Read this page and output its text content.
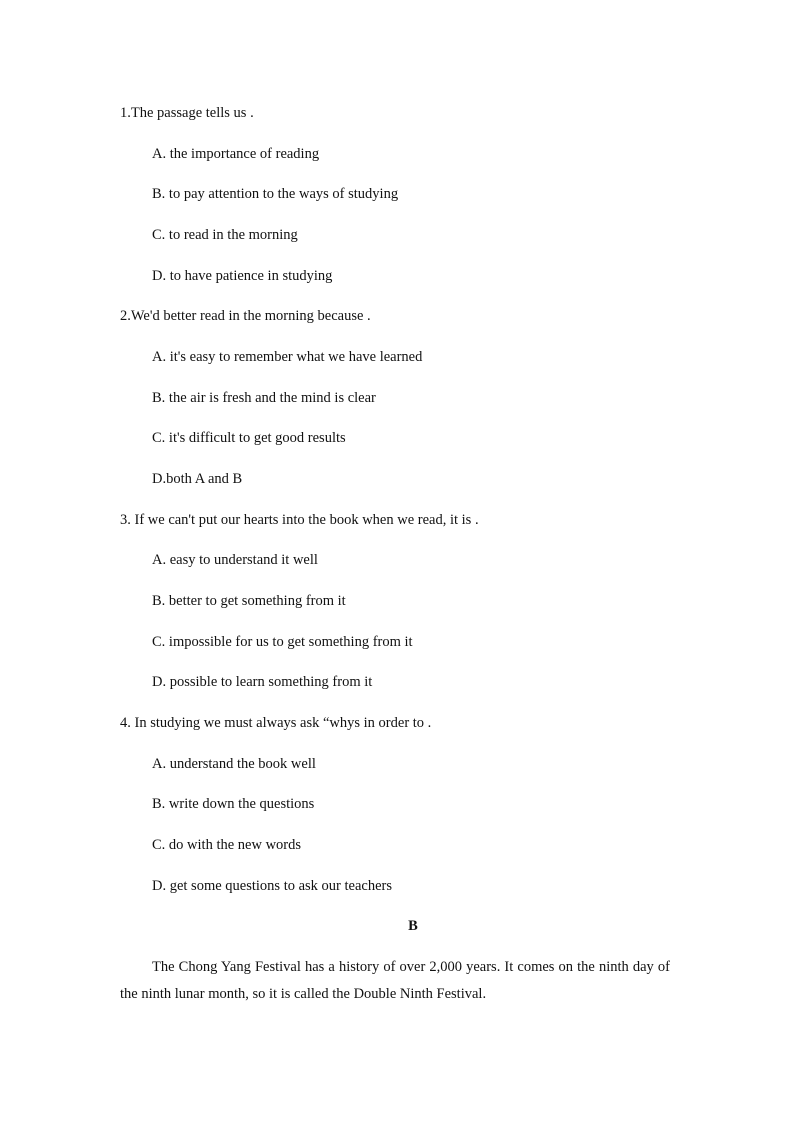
1.The passage tells us .
A. the importance of reading
B. to pay attention to the ways of studying
C. to read in the morning
D. to have patience in studying
2.We'd better read in the morning because .
A. it's easy to remember what we have learned
B. the air is fresh and the mind is clear
C. it's difficult to get good results
D.both A and B
3. If we can't put our hearts into the book when we read, it is .
A. easy to understand it well
B. better to get something from it
C. impossible for us to get something from it
D. possible to learn something from it
4. In studying we must always ask “whys in order to .
A. understand the book well
B. write down the questions
C. do with the new words
D. get some questions to ask our teachers
B
The Chong Yang Festival has a history of over 2,000 years. It comes on the ninth day of the ninth lunar month, so it is called the Double Ninth Festival.
